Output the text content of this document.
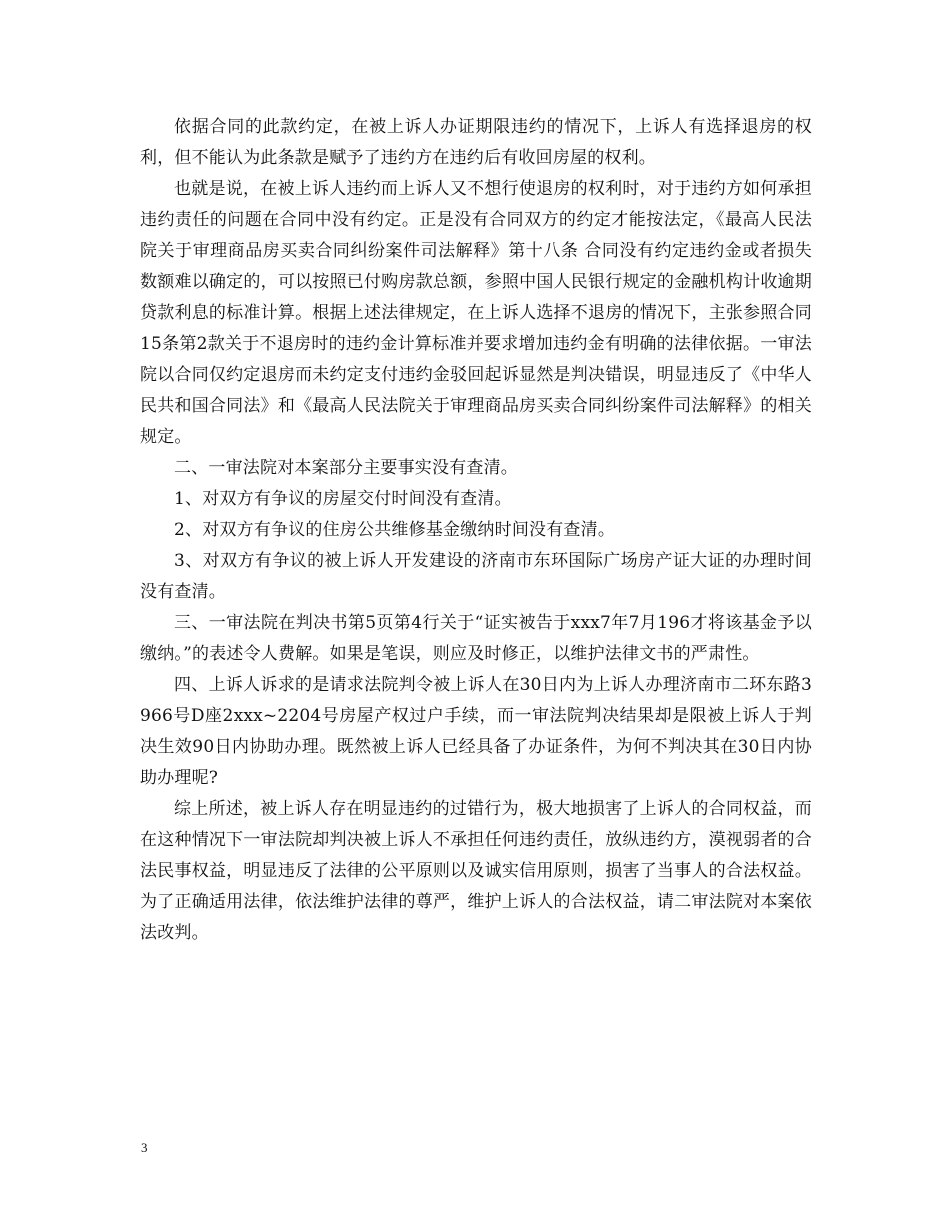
依据合同的此款约定，在被上诉人办证期限违约的情况下，上诉人有选择退房的权利，但不能认为此条款是赋予了违约方在违约后有收回房屋的权利。

也就是说，在被上诉人违约而上诉人又不想行使退房的权利时，对于违约方如何承担违约责任的问题在合同中没有约定。正是没有合同双方的约定才能按法定，《最高人民法院关于审理商品房买卖合同纠纷案件司法解释》第十八条 合同没有约定违约金或者损失数额难以确定的，可以按照已付购房款总额，参照中国人民银行规定的金融机构计收逾期贷款利息的标准计算。根据上述法律规定，在上诉人选择不退房的情况下，主张参照合同15条第2款关于不退房时的违约金计算标准并要求增加违约金有明确的法律依据。一审法院以合同仅约定退房而未约定支付违约金驳回起诉显然是判决错误，明显违反了《中华人民共和国合同法》和《最高人民法院关于审理商品房买卖合同纠纷案件司法解释》的相关规定。

二、一审法院对本案部分主要事实没有查清。

1、对双方有争议的房屋交付时间没有查清。

2、对双方有争议的住房公共维修基金缴纳时间没有查清。

3、对双方有争议的被上诉人开发建设的济南市东环国际广场房产证大证的办理时间没有查清。

三、一审法院在判决书第5页第4行关于“证实被告于xxx7年7月196才将该基金予以缴纳。”的表述令人费解。如果是笔误，则应及时修正，以维护法律文书的严肃性。

四、上诉人诉求的是请求法院判令被上诉人在30日内为上诉人办理济南市二环东路3966号D座2xxx~2204号房屋产权过户手续，而一审法院判决结果却是限被上诉人于判决生效90日内协助办理。既然被上诉人已经具备了办证条件，为何不判决其在30日内协助办理呢?

综上所述，被上诉人存在明显违约的过错行为，极大地损害了上诉人的合同权益，而在这种情况下一审法院却判决被上诉人不承担任何违约责任，放纵违约方，漠视弱者的合法民事权益，明显违反了法律的公平原则以及诚实信用原则，损害了当事人的合法权益。为了正确适用法律，依法维护法律的尊严，维护上诉人的合法权益，请二审法院对本案依法改判。

3
